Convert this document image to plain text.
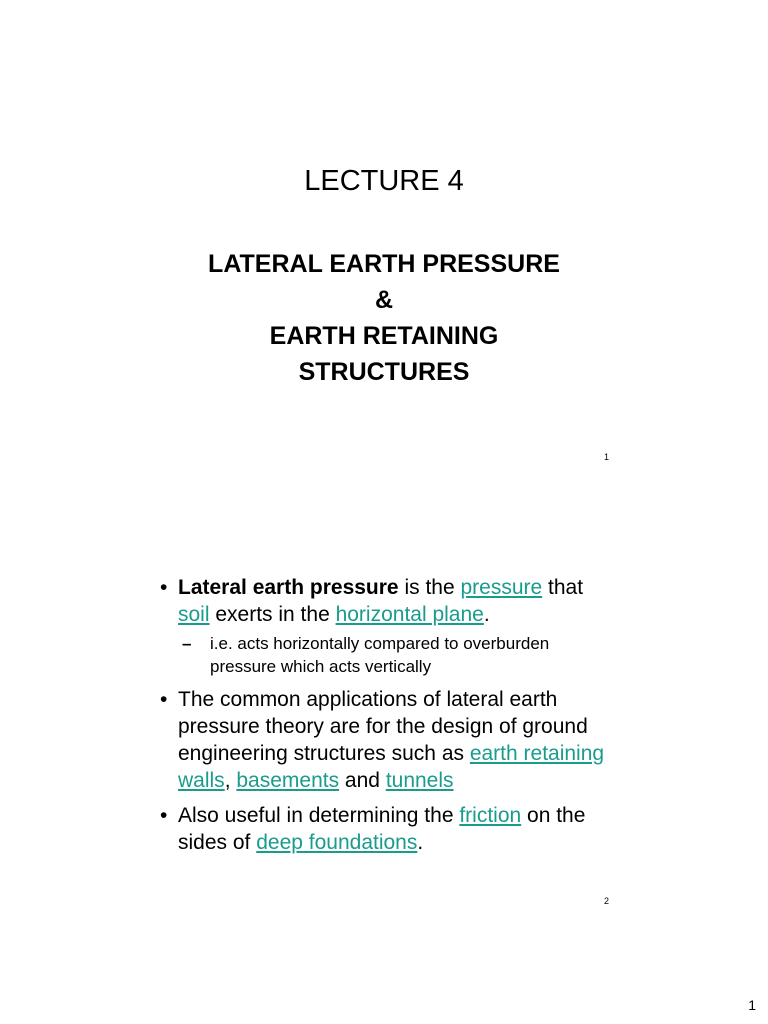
LECTURE 4
LATERAL EARTH PRESSURE
&
EARTH RETAINING
STRUCTURES
1
• Lateral earth pressure is the pressure that soil exerts in the horizontal plane.
– i.e. acts horizontally compared to overburden pressure which acts vertically
• The common applications of lateral earth pressure theory are for the design of ground engineering structures such as earth retaining walls, basements and tunnels
• Also useful in determining the friction on the sides of deep foundations.
2
1
